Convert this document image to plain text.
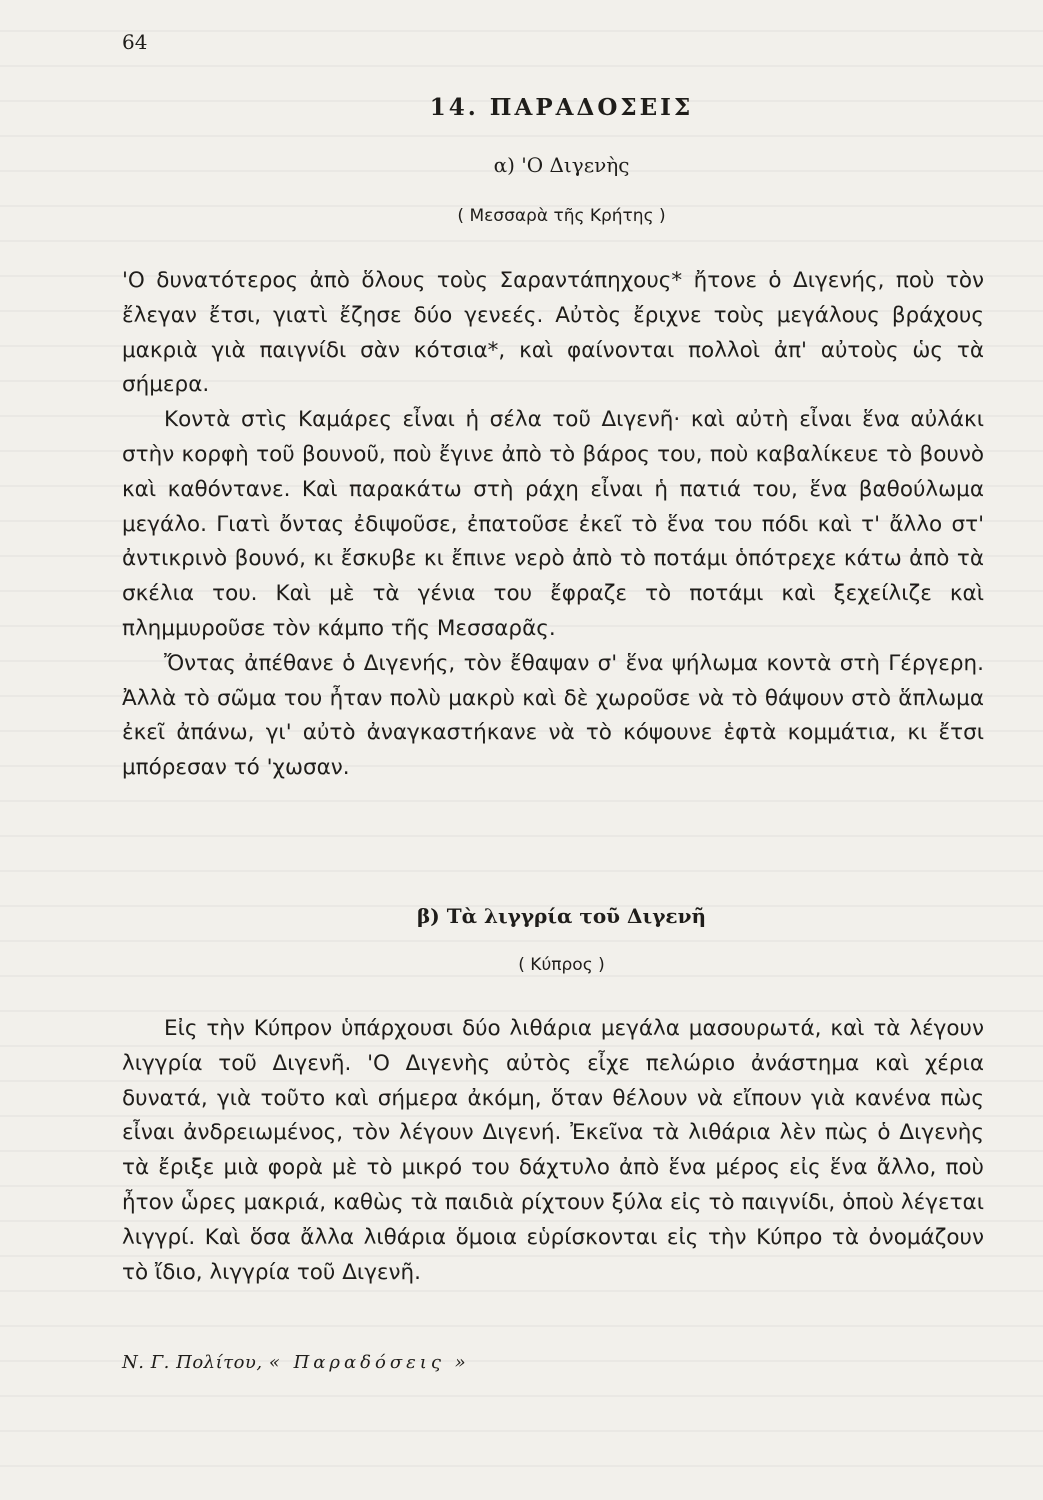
64
14. ΠΑΡΑΔΟΣΕΙΣ
α) 'Ο Διγενὴς
( Μεσσαρὰ τῆς Κρήτης )

'Ο δυνατότερος ἀπὸ ὅλους τοὺς Σαραντάπηχους* ἤτονε ὁ Διγενής, ποὺ τὸν ἔλεγαν ἔτσι, γιατὶ ἔζησε δύο γενεές. Αὐτὸς ἔριχνε τοὺς μεγάλους βράχους μακριὰ γιὰ παιγνίδι σὰν κότσια*, καὶ φαίνονται πολλοὶ ἀπ' αὐτοὺς ὡς τὰ σήμερα.

Κοντὰ στὶς Καμάρες εἶναι ἡ σέλα τοῦ Διγενῆ· καὶ αὐτὴ εἶναι ἕνα αὐλάκι στὴν κορφὴ τοῦ βουνοῦ, ποὺ ἔγινε ἀπὸ τὸ βάρος του, ποὺ καβαλίκευε τὸ βουνὸ καὶ καθόντανε. Καὶ παρακάτω στὴ ράχη εἶναι ἡ πατιά του, ἕνα βαθούλωμα μεγάλο. Γιατὶ ὄντας ἐδιψοῦσε, ἐπατοῦσε ἐκεῖ τὸ ἕνα του πόδι καὶ τ' ἄλλο στ' ἀντικρινὸ βουνό, κι ἔσκυβε κι ἔπινε νερὸ ἀπὸ τὸ ποτάμι ὁπότρεχε κάτω ἀπὸ τὰ σκέλια του. Καὶ μὲ τὰ γένια του ἔφραζε τὸ ποτάμι καὶ ξεχείλιζε καὶ πλημμυροῦσε τὸν κάμπο τῆς Μεσσαρᾶς.

Ὄντας ἀπέθανε ὁ Διγενής, τὸν ἔθαψαν σ' ἕνα ψήλωμα κοντὰ στὴ Γέργερη. Ἀλλὰ τὸ σῶμα του ἦταν πολὺ μακρὺ καὶ δὲ χωροῦσε νὰ τὸ θάψουν στὸ ἅπλωμα ἐκεῖ ἀπάνω, γι' αὐτὸ ἀναγκαστήκανε νὰ τὸ κόψουνε ἑφτὰ κομμάτια, κι ἔτσι μπόρεσαν τό 'χωσαν.

β) Τὰ λιγγρία τοῦ Διγενῆ
( Κύπρος )

Εἰς τὴν Κύπρον ὑπάρχουσι δύο λιθάρια μεγάλα μασουρωτά, καὶ τὰ λέγουν λιγγρία τοῦ Διγενῆ. 'Ο Διγενὴς αὐτὸς εἶχε πελώριο ἀνάστημα καὶ χέρια δυνατά, γιὰ τοῦτο καὶ σήμερα ἀκόμη, ὅταν θέλουν νὰ εἴπουν γιὰ κανένα πὼς εἶναι ἀνδρειωμένος, τὸν λέγουν Διγενή. Ἐκεῖνα τὰ λιθάρια λὲν πὼς ὁ Διγενὴς τὰ ἔριξε μιὰ φορὰ μὲ τὸ μικρό του δάχτυλο ἀπὸ ἕνα μέρος εἰς ἕνα ἄλλο, ποὺ ἦτον ὧρες μακριά, καθὼς τὰ παιδιὰ ρίχτουν ξύλα εἰς τὸ παιγνίδι, ὁποὺ λέγεται λιγγρί. Καὶ ὅσα ἄλλα λιθάρια ὅμοια εὑρίσκονται εἰς τὴν Κύπρο τὰ ὀνομάζουν τὸ ἴδιο, λιγγρία τοῦ Διγενῆ.

Ν. Γ. Πολίτου, « Παραδόσεις »
